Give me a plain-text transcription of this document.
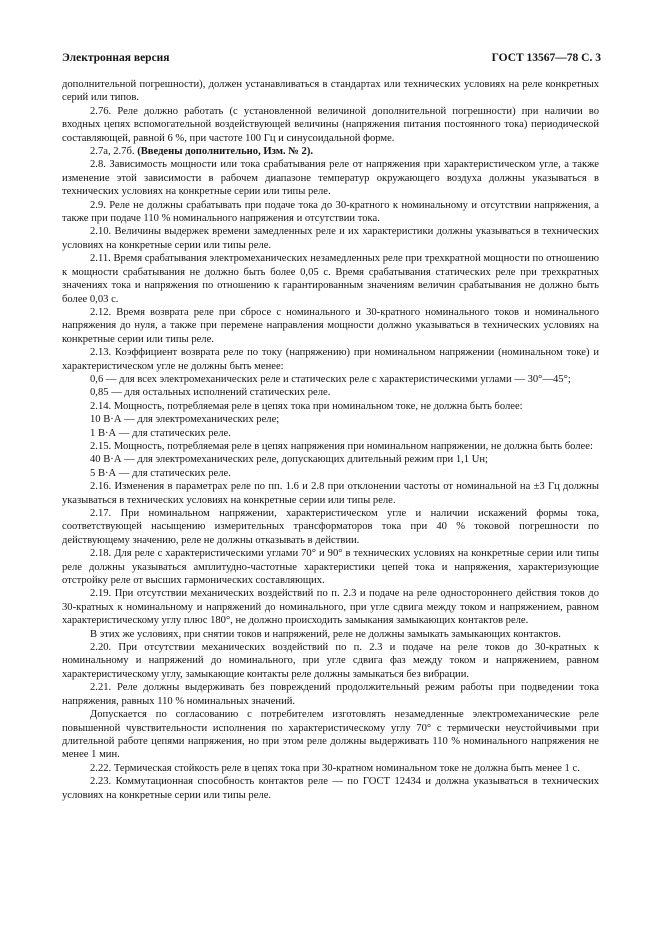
Электронная версия	ГОСТ 13567—78 С. 3

дополнительной погрешности), должен устанавливаться в стандартах или технических условиях на реле конкретных серий или типов.

2.76. Реле должно работать (с установленной величиной дополнительной погрешности) при наличии во входных цепях вспомогательной воздействующей величины (напряжения питания постоянного тока) периодической составляющей, равной 6 %, при частоте 100 Гц и синусоидальной форме.

2.7а, 2.7б. (Введены дополнительно, Изм. № 2).

2.8. Зависимость мощности или тока срабатывания реле от напряжения при характеристическом угле, а также изменение этой зависимости в рабочем диапазоне температур окружающего воздуха должны указываться в технических условиях на конкретные серии или типы реле.

2.9. Реле не должны срабатывать при подаче тока до 30-кратного к номинальному и отсутствии напряжения, а также при подаче 110 % номинального напряжения и отсутствии тока.

2.10. Величины выдержек времени замедленных реле и их характеристики должны указываться в технических условиях на конкретные серии или типы реле.

2.11. Время срабатывания электромеханических незамедленных реле при трехкратной мощности по отношению к мощности срабатывания не должно быть более 0,05 с. Время срабатывания статических реле при трехкратных значениях тока и напряжения по отношению к гарантированным значениям величин срабатывания не должно быть более 0,03 с.

2.12. Время возврата реле при сбросе с номинального и 30-кратного номинального токов и номинального напряжения до нуля, а также при перемене направления мощности должно указываться в технических условиях на конкретные серии или типы реле.

2.13. Коэффициент возврата реле по току (напряжению) при номинальном напряжении (номинальном токе) и характеристическом угле не должны быть менее:

0,6 — для всех электромеханических реле и статических реле с характеристическими углами — 30°—45°;

0,85 — для остальных исполнений статических реле.

2.14. Мощность, потребляемая реле в цепях тока при номинальном токе, не должна быть более:

10 В·А — для электромеханических реле;

1 В·А — для статических реле.

2.15. Мощность, потребляемая реле в цепях напряжения при номинальном напряжении, не должна быть более:

40 В·А — для электромеханических реле, допускающих длительный режим при 1,1 Uн;

5 В·А — для статических реле.

2.16. Изменения в параметрах реле по пп. 1.6 и 2.8 при отклонении частоты от номинальной на ±3 Гц должны указываться в технических условиях на конкретные серии или типы реле.

2.17. При номинальном напряжении, характеристическом угле и наличии искажений формы тока, соответствующей насыщению измерительных трансформаторов тока при 40 % токовой погрешности по действующему значению, реле не должны отказывать в действии.

2.18. Для реле с характеристическими углами 70° и 90° в технических условиях на конкретные серии или типы реле должны указываться амплитудно-частотные характеристики цепей тока и напряжения, характеризующие отстройку реле от высших гармонических составляющих.

2.19. При отсутствии механических воздействий по п. 2.3 и подаче на реле одностороннего действия токов до 30-кратных к номинальному и напряжений до номинального, при угле сдвига между током и напряжением, равном характеристическому углу плюс 180°, не должно происходить замыкания замыкающих контактов реле.

В этих же условиях, при снятии токов и напряжений, реле не должны замыкать замыкающих контактов.

2.20. При отсутствии механических воздействий по п. 2.3 и подаче на реле токов до 30-кратных к номинальному и напряжений до номинального, при угле сдвига фаз между током и напряжением, равном характеристическому углу, замыкающие контакты реле должны замыкаться без вибрации.

2.21. Реле должны выдерживать без повреждений продолжительный режим работы при подведении тока напряжения, равных 110 % номинальных значений.

Допускается по согласованию с потребителем изготовлять незамедленные электромеханические реле повышенной чувствительности исполнения по характеристическому углу 70° с термически неустойчивыми при длительной работе цепями напряжения, но при этом реле должны выдерживать 110 % номинального напряжения не менее 1 мин.

2.22. Термическая стойкость реле в цепях тока при 30-кратном номинальном токе не должна быть менее 1 с.

2.23. Коммутационная способность контактов реле — по ГОСТ 12434 и должна указываться в технических условиях на конкретные серии или типы реле.
